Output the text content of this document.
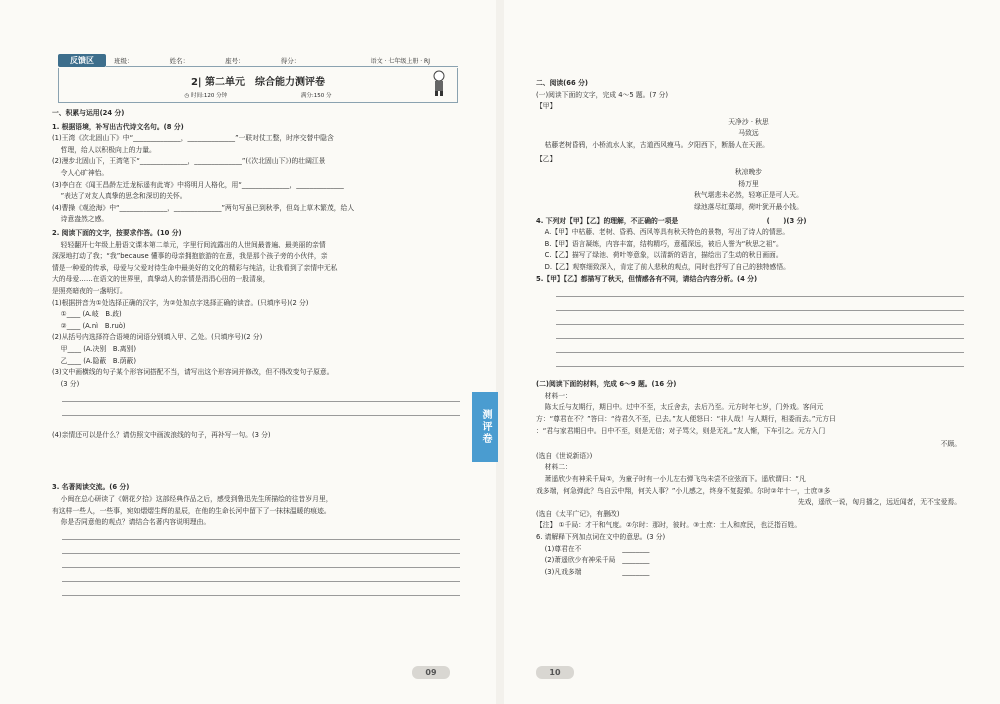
反馈区	班级：	姓名：	座号：	得分：	语文 · 七年级上册 · RJ
2| 第二单元　综合能力测评卷
◷ 时间:120 分钟	满分:150 分
一、积累与运用(24 分)
1. 根据语境，补写出古代诗文名句。(8 分)
(1)王湾《次北固山下》中“______________，______________”一联对仗工整，时序交替中隐含
哲理，给人以积极向上的力量。
(2)漫步北固山下，王湾笔下“______________，______________”(《次北固山下》)的壮阔江景
令人心旷神怡。
(3)李白在《闻王昌龄左迁龙标遥有此寄》中将明月人格化，用“______________，______________
”表达了对友人真挚的思念和深切的关怀。
(4)曹操《观沧海》中“______________，______________”两句写虽已到秋季，但岛上草木繁茂，给人
诗意盎然之感。
2. 阅读下面的文字，按要求作答。(10 分)
轻轻翻开七年级上册语文课本第二单元，字里行间流露出的人世间最普遍、最美丽的亲情
深深地打动了我；“我”because 懂事的母亲拥抱旅游的在意，我是那个孩子旁的小伙伴，亲
情是一种爱的传承，母爱与父爱对待生命中最美好的文化的精彩与纯洁，让我看到了亲情中无私
大的母爱……在语文的世界里，真挚动人的亲情是涓涓心田的一股清泉，
是照亮暗夜的一盏明灯。
(1)根据拼音为①处选择正确的汉字，为②处加点字选择正确的读音。(只填序号)(2 分)
①____ (A.岐　B.歧)
②____ (A.nì　B.ruò)
(2)从括号内选择符合语境的词语分别填入甲、乙处。(只填序号)(2 分)
甲____ (A.决别　B.离别)
乙____ (A.隐蔽　B.荫蔽)
(3)文中画横线的句子某个形容词搭配不当，请写出这个形容词并修改，但不得改变句子原意。
(3 分)
(4)亲情还可以是什么？请仿照文中画波浪线的句子，再补写一句。(3 分)
3. 名著阅读交流。(6 分)
小闽在总心研读了《朝花夕拾》这部经典作品之后，感受到鲁迅先生所描绘的往昔岁月里，
有这样一些人，一些事，宛如熠熠生辉的星辰，在他的生命长河中留下了一抹抹温暖的痕迹。
你是否同意他的观点？请结合名著内容说明理由。
09
测评卷
二、阅读(66 分)
(一)阅读下面的文字，完成 4～5 题。(7 分)
【甲】
天净沙 · 秋思
马致远
枯藤老树昏鸦，小桥流水人家，古道西风瘦马。夕阳西下，断肠人在天涯。
【乙】
秋凉晚步
杨万里
秋气堪悲未必然，轻寒正是可人天。
绿池落尽红蕖却，荷叶犹开最小钱。
4. 下列对【甲】【乙】的理解，不正确的一项是　　　　　　　　　　　　　(　　)(3 分)
A.【甲】中枯藤、老树、昏鸦、西风等具有秋天特色的景物，写出了诗人的情思。
B.【甲】语言凝练，内容丰富，结构精巧，意蕴深远，被后人誉为“秋思之祖”。
C.【乙】描写了绿池、荷叶等意象，以清新的语言，描绘出了生动的秋日画面。
D.【乙】观察细致深入，肯定了前人悲秋的观点，同时也抒写了自己的独特感悟。
5.【甲】【乙】都描写了秋天，但情感各有不同，请结合内容分析。(4 分)
(二)阅读下面的材料，完成 6～9 题。(16 分)
材料一：
陈太丘与友期行，期日中。过中不至，太丘舍去，去后乃至。元方时年七岁，门外戏。客问元
方：“尊君在不？”答曰：“待君久不至，已去。”友人便怒曰：“非人哉！与人期行，相委而去。”元方曰
：“君与家君期日中。日中不至，则是无信；对子骂父，则是无礼。”友人惭，下车引之。元方入门
不顾。
(选自《世说新语》)
材料二：
萧遥欣少有神采千局①，为童子时有一小儿左右弹飞鸟未尝不应弦而下。遥欣谓曰：“凡
戏多端，何急弹此？鸟自云中翔，何关人事？”小儿感之，终身不复捉弹。尔时②年十一，士庶③多
先戏，遥欣一说，匈月播之，远近闻者，无不宝爱焉。
(选自《太平广记》，有删改)
【注】 ①千局：才干和气度。②尔时：那时，彼时。③士庶：士人和庶民，也泛指百姓。
6. 请解释下列加点词在文中的意思。(3 分)
(1)尊君在不　　　　　　________
(2)萧遥欣少有神采千局　________
(3)凡戏多端　　　　　　________
10
